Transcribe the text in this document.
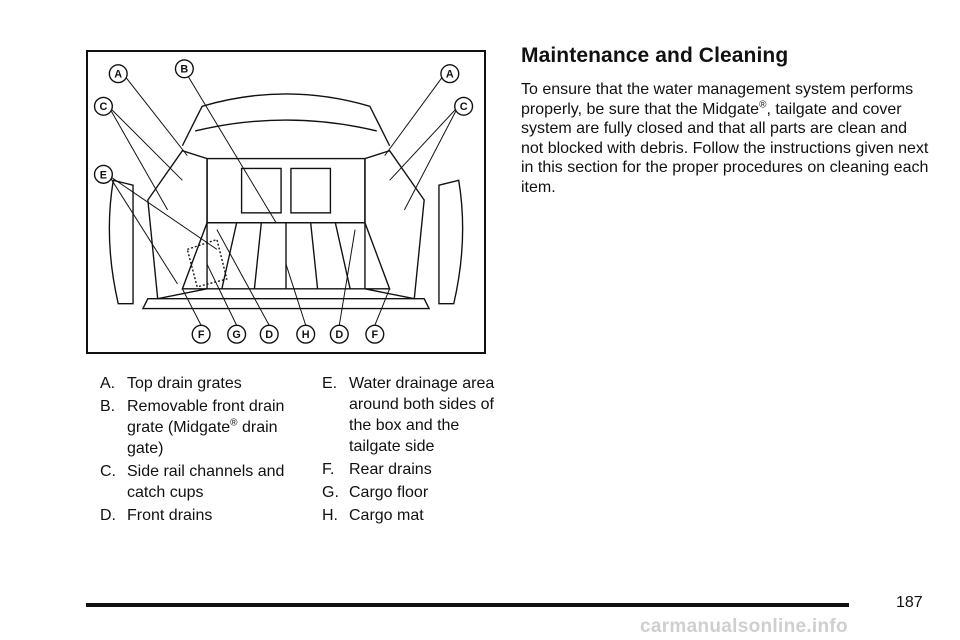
A	B	A
C
E
C
F	G D	H D	F
A. Top drain grates
B. Removable front drain grate (Midgate® drain gate)
C. Side rail channels and catch cups
D. Front drains
E. Water drainage area around both sides of the box and the tailgate side
F. Rear drains
G. Cargo floor
H. Cargo mat
Maintenance and Cleaning

To ensure that the water management system performs properly, be sure that the Midgate®, tailgate and cover system are fully closed and that all parts are clean and not blocked with debris. Follow the instructions given next in this section for the proper procedures on cleaning each item.

187
carmanualsonline.info
